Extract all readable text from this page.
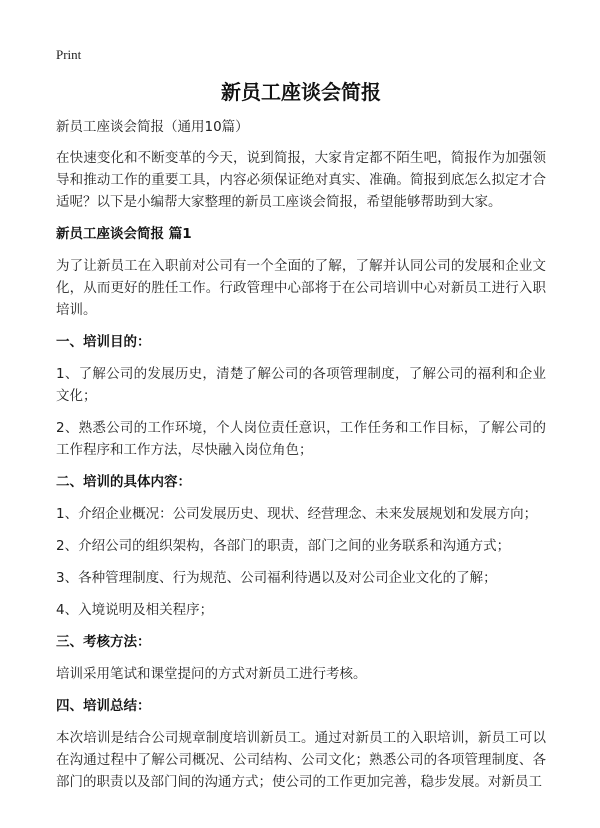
Print
新员工座谈会简报

新员工座谈会简报（通用10篇）

在快速变化和不断变革的今天，说到简报，大家肯定都不陌生吧，简报作为加强领导和推动工作的重要工具，内容必须保证绝对真实、准确。简报到底怎么拟定才合适呢？以下是小编帮大家整理的新员工座谈会简报，希望能够帮助到大家。

新员工座谈会简报 篇1

为了让新员工在入职前对公司有一个全面的了解，了解并认同公司的发展和企业文化，从而更好的胜任工作。行政管理中心部将于在公司培训中心对新员工进行入职培训。

一、培训目的：

1、了解公司的发展历史，清楚了解公司的各项管理制度，了解公司的福利和企业文化；

2、熟悉公司的工作环境，个人岗位责任意识，工作任务和工作目标，了解公司的工作程序和工作方法，尽快融入岗位角色；

二、培训的具体内容：

1、介绍企业概况：公司发展历史、现状、经营理念、未来发展规划和发展方向；

2、介绍公司的组织架构，各部门的职责，部门之间的业务联系和沟通方式；

3、各种管理制度、行为规范、公司福利待遇以及对公司企业文化的了解；

4、入境说明及相关程序；

三、考核方法：

培训采用笔试和课堂提问的方式对新员工进行考核。

四、培训总结：

本次培训是结合公司规章制度培训新员工。通过对新员工的入职培训，新员工可以在沟通过程中了解公司概况、公司结构、公司文化；熟悉公司的各项管理制度、各部门的职责以及部门间的沟通方式；使公司的工作更加完善，稳步发展。对新员工
